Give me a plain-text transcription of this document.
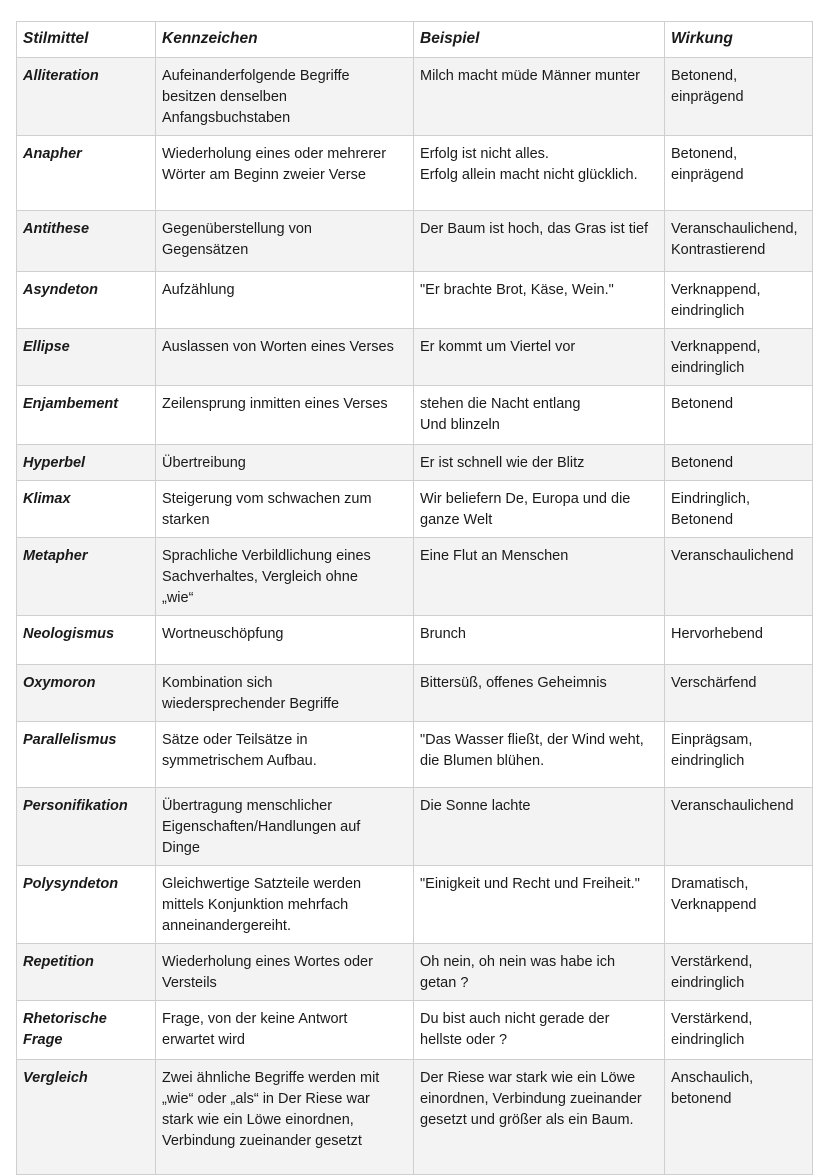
Stilmittel	Kennzeichen	Beispiel	Wirkung
Alliteration	Aufeinanderfolgende Begriffe
besitzen denselben
Anfangsbuchstaben	Milch macht müde Männer munter	Betonend,
einprägend
Anapher	Wiederholung eines oder mehrerer
Wörter am Beginn zweier Verse	Erfolg ist nicht alles.
Erfolg allein macht nicht glücklich.	Betonend,
einprägend
Antithese	Gegenüberstellung von
Gegensätzen	Der Baum ist hoch, das Gras ist tief	Veranschaulichend,
Kontrastierend
Asyndeton	Aufzählung	"Er brachte Brot, Käse, Wein."	Verknappend,
eindringlich
Ellipse	Auslassen von Worten eines Verses	Er kommt um Viertel vor	Verknappend,
eindringlich
Enjambement	Zeilensprung inmitten eines Verses	stehen die Nacht entlang
Und blinzeln	Betonend
Hyperbel	Übertreibung	Er ist schnell wie der Blitz	Betonend
Klimax	Steigerung vom schwachen zum
starken	Wir beliefern De, Europa und die
ganze Welt	Eindringlich,
Betonend
Metapher	Sprachliche Verbildlichung eines
Sachverhaltes, Vergleich ohne
„wie“	Eine Flut an Menschen	Veranschaulichend
Neologismus	Wortneuschöpfung	Brunch	Hervorhebend
Oxymoron	Kombination sich
wiedersprechender Begriffe	Bittersüß, offenes Geheimnis	Verschärfend
Parallelismus	Sätze oder Teilsätze in
symmetrischem Aufbau.	"Das Wasser fließt, der Wind weht,
die Blumen blühen.	Einprägsam,
eindringlich
Personifikation	Übertragung menschlicher
Eigenschaften/Handlungen auf
Dinge	Die Sonne lachte	Veranschaulichend
Polysyndeton	Gleichwertige Satzteile werden
mittels Konjunktion mehrfach
anneinandergereiht.	"Einigkeit und Recht und Freiheit."	Dramatisch,
Verknappend
Repetition	Wiederholung eines Wortes oder
Versteils	Oh nein, oh nein was habe ich
getan ?	Verstärkend,
eindringlich
Rhetorische
Frage	Frage, von der keine Antwort
erwartet wird	Du bist auch nicht gerade der
hellste oder ?	Verstärkend,
eindringlich
Vergleich	Zwei ähnliche Begriffe werden mit
„wie“ oder „als“ in Der Riese war
stark wie ein Löwe einordnen,
Verbindung zueinander gesetzt	Der Riese war stark wie ein Löwe
einordnen, Verbindung zueinander
gesetzt und größer als ein Baum.	Anschaulich,
betonend
